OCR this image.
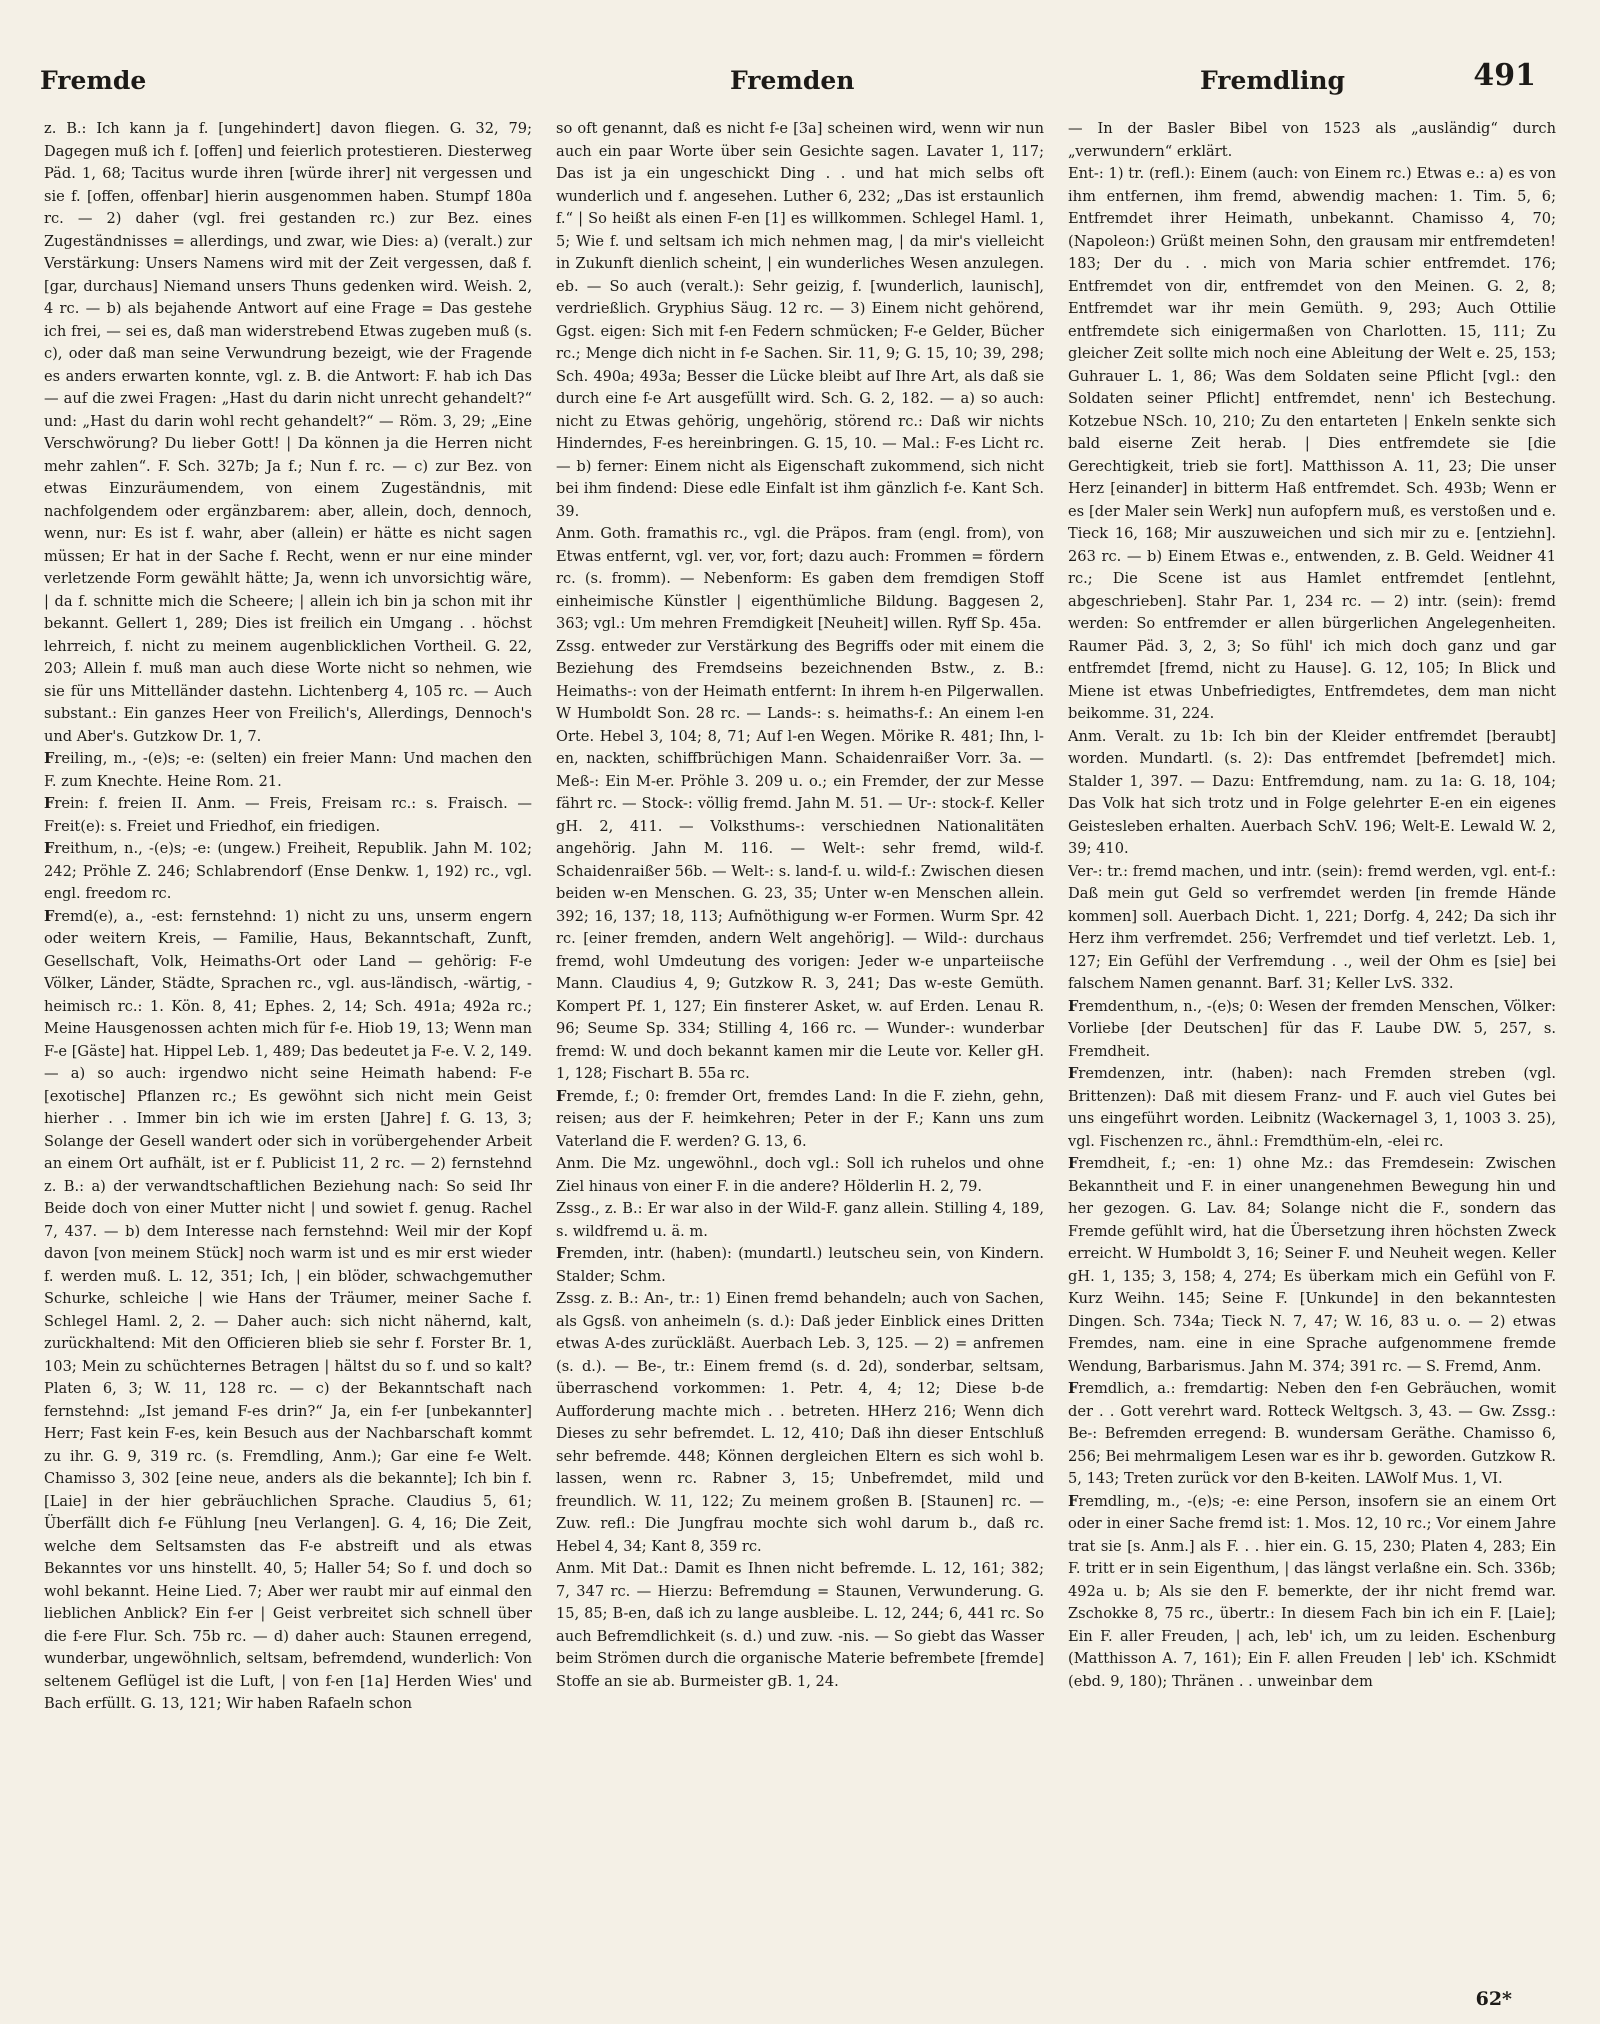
Fremde	Fremden	Fremdling	491

z. B.: Ich kann ja f. [ungehindert] davon fliegen. G. 32, 79; Dagegen muß ich f. [offen] und feierlich protestieren. Diesterweg Päd. 1, 68; Tacitus wurde ihren [würde ihrer] nit vergessen und sie f. [offen, offenbar] hierin ausgenommen haben. Stumpf 180a rc. — 2) daher (vgl. frei gestanden rc.) zur Bez. eines Zugeständnisses = allerdings, und zwar, wie Dies: a) (veralt.) zur Verstärkung: Unsers Namens wird mit der Zeit vergessen, daß f. [gar, durchaus] Niemand unsers Thuns gedenken wird. Weish. 2, 4 rc. — b) als bejahende Antwort auf eine Frage = Das gestehe ich frei, — sei es, daß man widerstrebend Etwas zugeben muß (s. c), oder daß man seine Verwundrung bezeigt, wie der Fragende es anders erwarten konnte, vgl. z. B. die Antwort: F. hab ich Das — auf die zwei Fragen: „Hast du darin nicht unrecht gehandelt?“ und: „Hast du darin wohl recht gehandelt?“ — Röm. 3, 29; „Eine Verschwörung? Du lieber Gott! | Da können ja die Herren nicht mehr zahlen“. F. Sch. 327b; Ja f.; Nun f. rc. — c) zur Bez. von etwas Einzuräumendem, von einem Zugeständnis, mit nachfolgendem oder ergänzbarem: aber, allein, doch, dennoch, wenn, nur: Es ist f. wahr, aber (allein) er hätte es nicht sagen müssen; Er hat in der Sache f. Recht, wenn er nur eine minder verletzende Form gewählt hätte; Ja, wenn ich unvorsichtig wäre, | da f. schnitte mich die Scheere; | allein ich bin ja schon mit ihr bekannt. Gellert 1, 289; Dies ist freilich ein Umgang . . höchst lehrreich, f. nicht zu meinem augenblicklichen Vortheil. G. 22, 203; Allein f. muß man auch diese Worte nicht so nehmen, wie sie für uns Mittelländer dastehn. Lichtenberg 4, 105 rc. — Auch substant.: Ein ganzes Heer von Freilich's, Allerdings, Dennoch's und Aber's. Gutzkow Dr. 1, 7.

Freiling, m., -(e)s; -e: (selten) ein freier Mann: Und machen den F. zum Knechte. Heine Rom. 21.

Frein: f. freien II. Anm. — Freis, Freisam rc.: s. Fraisch. — Freit(e): s. Freiet und Friedhof, ein friedigen.

Freithum, n., -(e)s; -e: (ungew.) Freiheit, Republik. Jahn M. 102; 242; Pröhle Z. 246; Schlabrendorf (Ense Denkw. 1, 192) rc., vgl. engl. freedom rc.

Fremd(e), a., -est: fernstehnd: 1) nicht zu uns, unserm engern oder weitern Kreis, — Familie, Haus, Bekanntschaft, Zunft, Gesellschaft, Volk, Heimaths-Ort oder Land — gehörig: F-e Völker, Länder, Städte, Sprachen rc., vgl. aus-ländisch, -wärtig, -heimisch rc.: 1. Kön. 8, 41; Ephes. 2, 14; Sch. 491a; 492a rc.; Meine Hausgenossen achten mich für f-e. Hiob 19, 13; Wenn man F-e [Gäste] hat. Hippel Leb. 1, 489; Das bedeutet ja F-e. V. 2, 149. — a) so auch: irgendwo nicht seine Heimath habend: F-e [exotische] Pflanzen rc.; Es gewöhnt sich nicht mein Geist hierher . . Immer bin ich wie im ersten [Jahre] f. G. 13, 3; Solange der Gesell wandert oder sich in vorübergehender Arbeit an einem Ort aufhält, ist er f. Publicist 11, 2 rc. — 2) fernstehnd z. B.: a) der verwandtschaftlichen Beziehung nach: So seid Ihr Beide doch von einer Mutter nicht | und sowiet f. genug. Rachel 7, 437. — b) dem Interesse nach fernstehnd: Weil mir der Kopf davon [von meinem Stück] noch warm ist und es mir erst wieder f. werden muß. L. 12, 351; Ich, | ein blöder, schwachgemuther Schurke, schleiche | wie Hans der Träumer, meiner Sache f. Schlegel Haml. 2, 2. — Daher auch: sich nicht nähernd, kalt, zurückhaltend: Mit den Officieren blieb sie sehr f. Forster Br. 1, 103; Mein zu schüchternes Betragen | hältst du so f. und so kalt? Platen 6, 3; W. 11, 128 rc. — c) der Bekanntschaft nach fernstehnd: „Ist jemand F-es drin?“ Ja, ein f-er [unbekannter] Herr; Fast kein F-es, kein Besuch aus der Nachbarschaft kommt zu ihr. G. 9, 319 rc. (s. Fremdling, Anm.); Gar eine f-e Welt. Chamisso 3, 302 [eine neue, anders als die bekannte]; Ich bin f. [Laie] in der hier gebräuchlichen Sprache. Claudius 5, 61; Überfällt dich f-e Fühlung [neu Verlangen]. G. 4, 16; Die Zeit, welche dem Seltsamsten das F-e abstreift und als etwas Bekanntes vor uns hinstellt. 40, 5; Haller 54; So f. und doch so wohl bekannt. Heine Lied. 7; Aber wer raubt mir auf einmal den lieblichen Anblick? Ein f-er | Geist verbreitet sich schnell über die f-ere Flur. Sch. 75b rc. — d) daher auch: Staunen erregend, wunderbar, ungewöhnlich, seltsam, befremdend, wunderlich: Von seltenem Geflügel ist die Luft, | von f-en [1a] Herden Wies' und Bach erfüllt. G. 13, 121; Wir haben Rafaeln schon

so oft genannt, daß es nicht f-e [3a] scheinen wird, wenn wir nun auch ein paar Worte über sein Gesichte sagen. Lavater 1, 117; Das ist ja ein ungeschickt Ding . . und hat mich selbs oft wunderlich und f. angesehen. Luther 6, 232; „Das ist erstaunlich f.“ | So heißt als einen F-en [1] es willkommen. Schlegel Haml. 1, 5; Wie f. und seltsam ich mich nehmen mag, | da mir's vielleicht in Zukunft dienlich scheint, | ein wunderliches Wesen anzulegen. eb. — So auch (veralt.): Sehr geizig, f. [wunderlich, launisch], verdrießlich. Gryphius Säug. 12 rc. — 3) Einem nicht gehörend, Ggst. eigen: Sich mit f-en Federn schmücken; F-e Gelder, Bücher rc.; Menge dich nicht in f-e Sachen. Sir. 11, 9; G. 15, 10; 39, 298; Sch. 490a; 493a; Besser die Lücke bleibt auf Ihre Art, als daß sie durch eine f-e Art ausgefüllt wird. Sch. G. 2, 182. — a) so auch: nicht zu Etwas gehörig, ungehörig, störend rc.: Daß wir nichts Hinderndes, F-es hereinbringen. G. 15, 10. — Mal.: F-es Licht rc. — b) ferner: Einem nicht als Eigenschaft zukommend, sich nicht bei ihm findend: Diese edle Einfalt ist ihm gänzlich f-e. Kant Sch. 39.

Anm. Goth. framathis rc., vgl. die Präpos. fram (engl. from), von Etwas entfernt, vgl. ver, vor, fort; dazu auch: Frommen = fördern rc. (s. fromm). — Nebenform: Es gaben dem fremdigen Stoff einheimische Künstler | eigenthümliche Bildung. Baggesen 2, 363; vgl.: Um mehren Fremdigkeit [Neuheit] willen. Ryff Sp. 45a.

Zssg. entweder zur Verstärkung des Begriffs oder mit einem die Beziehung des Fremdseins bezeichnenden Bstw., z. B.: Heimaths-: von der Heimath entfernt: In ihrem h-en Pilgerwallen. W Humboldt Son. 28 rc. — Lands-: s. heimaths-f.: An einem l-en Orte. Hebel 3, 104; 8, 71; Auf l-en Wegen. Mörike R. 481; Ihn, l-en, nackten, schiffbrüchigen Mann. Schaidenraißer Vorr. 3a. — Meß-: Ein M-er. Pröhle 3. 209 u. o.; ein Fremder, der zur Messe fährt rc. — Stock-: völlig fremd. Jahn M. 51. — Ur-: stock-f. Keller gH. 2, 411. — Volksthums-: verschiednen Nationalitäten angehörig. Jahn M. 116. — Welt-: sehr fremd, wild-f. Schaidenraißer 56b. — Welt-: s. land-f. u. wild-f.: Zwischen diesen beiden w-en Menschen. G. 23, 35; Unter w-en Menschen allein. 392; 16, 137; 18, 113; Aufnöthigung w-er Formen. Wurm Spr. 42 rc. [einer fremden, andern Welt angehörig]. — Wild-: durchaus fremd, wohl Umdeutung des vorigen: Jeder w-e unparteiische Mann. Claudius 4, 9; Gutzkow R. 3, 241; Das w-este Gemüth. Kompert Pf. 1, 127; Ein finsterer Asket, w. auf Erden. Lenau R. 96; Seume Sp. 334; Stilling 4, 166 rc. — Wunder-: wunderbar fremd: W. und doch bekannt kamen mir die Leute vor. Keller gH. 1, 128; Fischart B. 55a rc.

Fremde, f.; 0: fremder Ort, fremdes Land: In die F. ziehn, gehn, reisen; aus der F. heimkehren; Peter in der F.; Kann uns zum Vaterland die F. werden? G. 13, 6.

Anm. Die Mz. ungewöhnl., doch vgl.: Soll ich ruhelos und ohne Ziel hinaus von einer F. in die andere? Hölderlin H. 2, 79.

Zssg., z. B.: Er war also in der Wild-F. ganz allein. Stilling 4, 189, s. wildfremd u. ä. m.

Fremden, intr. (haben): (mundartl.) leutscheu sein, von Kindern. Stalder; Schm.

Zssg. z. B.: An-, tr.: 1) Einen fremd behandeln; auch von Sachen, als Ggsß. von anheimeln (s. d.): Daß jeder Einblick eines Dritten etwas A-des zurückläßt. Auerbach Leb. 3, 125. — 2) = anfremen (s. d.). — Be-, tr.: Einem fremd (s. d. 2d), sonderbar, seltsam, überraschend vorkommen: 1. Petr. 4, 4; 12; Diese b-de Aufforderung machte mich . . betreten. HHerz 216; Wenn dich Dieses zu sehr befremdet. L. 12, 410; Daß ihn dieser Entschluß sehr befremde. 448; Können dergleichen Eltern es sich wohl b. lassen, wenn rc. Rabner 3, 15; Unbefremdet, mild und freundlich. W. 11, 122; Zu meinem großen B. [Staunen] rc. — Zuw. refl.: Die Jungfrau mochte sich wohl darum b., daß rc. Hebel 4, 34; Kant 8, 359 rc.

Anm. Mit Dat.: Damit es Ihnen nicht befremde. L. 12, 161; 382; 7, 347 rc. — Hierzu: Befremdung = Staunen, Verwunderung. G. 15, 85; B-en, daß ich zu lange ausbleibe. L. 12, 244; 6, 441 rc. So auch Befremdlichkeit (s. d.) und zuw. -nis. — So giebt das Wasser beim Strömen durch die organische Materie befrembete [fremde] Stoffe an sie ab. Burmeister gB. 1, 24.

— In der Basler Bibel von 1523 als „ausländig“ durch „verwundern“ erklärt.

Ent-: 1) tr. (refl.): Einem (auch: von Einem rc.) Etwas e.: a) es von ihm entfernen, ihm fremd, abwendig machen: 1. Tim. 5, 6; Entfremdet ihrer Heimath, unbekannt. Chamisso 4, 70; (Napoleon:) Grüßt meinen Sohn, den grausam mir entfremdeten! 183; Der du . . mich von Maria schier entfremdet. 176; Entfremdet von dir, entfremdet von den Meinen. G. 2, 8; Entfremdet war ihr mein Gemüth. 9, 293; Auch Ottilie entfremdete sich einigermaßen von Charlotten. 15, 111; Zu gleicher Zeit sollte mich noch eine Ableitung der Welt e. 25, 153; Guhrauer L. 1, 86; Was dem Soldaten seine Pflicht [vgl.: den Soldaten seiner Pflicht] entfremdet, nenn' ich Bestechung. Kotzebue NSch. 10, 210; Zu den entarteten | Enkeln senkte sich bald eiserne Zeit herab. | Dies entfremdete sie [die Gerechtigkeit, trieb sie fort]. Matthisson A. 11, 23; Die unser Herz [einander] in bitterm Haß entfremdet. Sch. 493b; Wenn er es [der Maler sein Werk] nun aufopfern muß, es verstoßen und e. Tieck 16, 168; Mir auszuweichen und sich mir zu e. [entziehn]. 263 rc. — b) Einem Etwas e., entwenden, z. B. Geld. Weidner 41 rc.; Die Scene ist aus Hamlet entfremdet [entlehnt, abgeschrieben]. Stahr Par. 1, 234 rc. — 2) intr. (sein): fremd werden: So entfremder er allen bürgerlichen Angelegenheiten. Raumer Päd. 3, 2, 3; So fühl' ich mich doch ganz und gar entfremdet [fremd, nicht zu Hause]. G. 12, 105; In Blick und Miene ist etwas Unbefriedigtes, Entfremdetes, dem man nicht beikomme. 31, 224.

Anm. Veralt. zu 1b: Ich bin der Kleider entfremdet [beraubt] worden. Mundartl. (s. 2): Das entfremdet [befremdet] mich. Stalder 1, 397. — Dazu: Entfremdung, nam. zu 1a: G. 18, 104; Das Volk hat sich trotz und in Folge gelehrter E-en ein eigenes Geistesleben erhalten. Auerbach SchV. 196; Welt-E. Lewald W. 2, 39; 410.

Ver-: tr.: fremd machen, und intr. (sein): fremd werden, vgl. ent-f.: Daß mein gut Geld so verfremdet werden [in fremde Hände kommen] soll. Auerbach Dicht. 1, 221; Dorfg. 4, 242; Da sich ihr Herz ihm verfremdet. 256; Verfremdet und tief verletzt. Leb. 1, 127; Ein Gefühl der Verfremdung . ., weil der Ohm es [sie] bei falschem Namen genannt. Barf. 31; Keller LvS. 332.

Fremdenthum, n., -(e)s; 0: Wesen der fremden Menschen, Völker: Vorliebe [der Deutschen] für das F. Laube DW. 5, 257, s. Fremdheit.

Fremdenzen, intr. (haben): nach Fremden streben (vgl. Brittenzen): Daß mit diesem Franz- und F. auch viel Gutes bei uns eingeführt worden. Leibnitz (Wackernagel 3, 1, 1003 3. 25), vgl. Fischenzen rc., ähnl.: Fremdthüm-eln, -elei rc.

Fremdheit, f.; -en: 1) ohne Mz.: das Fremdesein: Zwischen Bekanntheit und F. in einer unangenehmen Bewegung hin und her gezogen. G. Lav. 84; Solange nicht die F., sondern das Fremde gefühlt wird, hat die Übersetzung ihren höchsten Zweck erreicht. W Humboldt 3, 16; Seiner F. und Neuheit wegen. Keller gH. 1, 135; 3, 158; 4, 274; Es überkam mich ein Gefühl von F. Kurz Weihn. 145; Seine F. [Unkunde] in den bekanntesten Dingen. Sch. 734a; Tieck N. 7, 47; W. 16, 83 u. o. — 2) etwas Fremdes, nam. eine in eine Sprache aufgenommene fremde Wendung, Barbarismus. Jahn M. 374; 391 rc. — S. Fremd, Anm.

Fremdlich, a.: fremdartig: Neben den f-en Gebräuchen, womit der . . Gott verehrt ward. Rotteck Weltgsch. 3, 43. — Gw. Zssg.: Be-: Befremden erregend: B. wundersam Geräthe. Chamisso 6, 256; Bei mehrmaligem Lesen war es ihr b. geworden. Gutzkow R. 5, 143; Treten zurück vor den B-keiten. LAWolf Mus. 1, VI.

Fremdling, m., -(e)s; -e: eine Person, insofern sie an einem Ort oder in einer Sache fremd ist: 1. Mos. 12, 10 rc.; Vor einem Jahre trat sie [s. Anm.] als F. . . hier ein. G. 15, 230; Platen 4, 283; Ein F. tritt er in sein Eigenthum, | das längst verlaßne ein. Sch. 336b; 492a u. b; Als sie den F. bemerkte, der ihr nicht fremd war. Zschokke 8, 75 rc., übertr.: In diesem Fach bin ich ein F. [Laie]; Ein F. aller Freuden, | ach, leb' ich, um zu leiden. Eschenburg (Matthisson A. 7, 161); Ein F. allen Freuden | leb' ich. KSchmidt (ebd. 9, 180); Thränen . . unweinbar dem

62*
